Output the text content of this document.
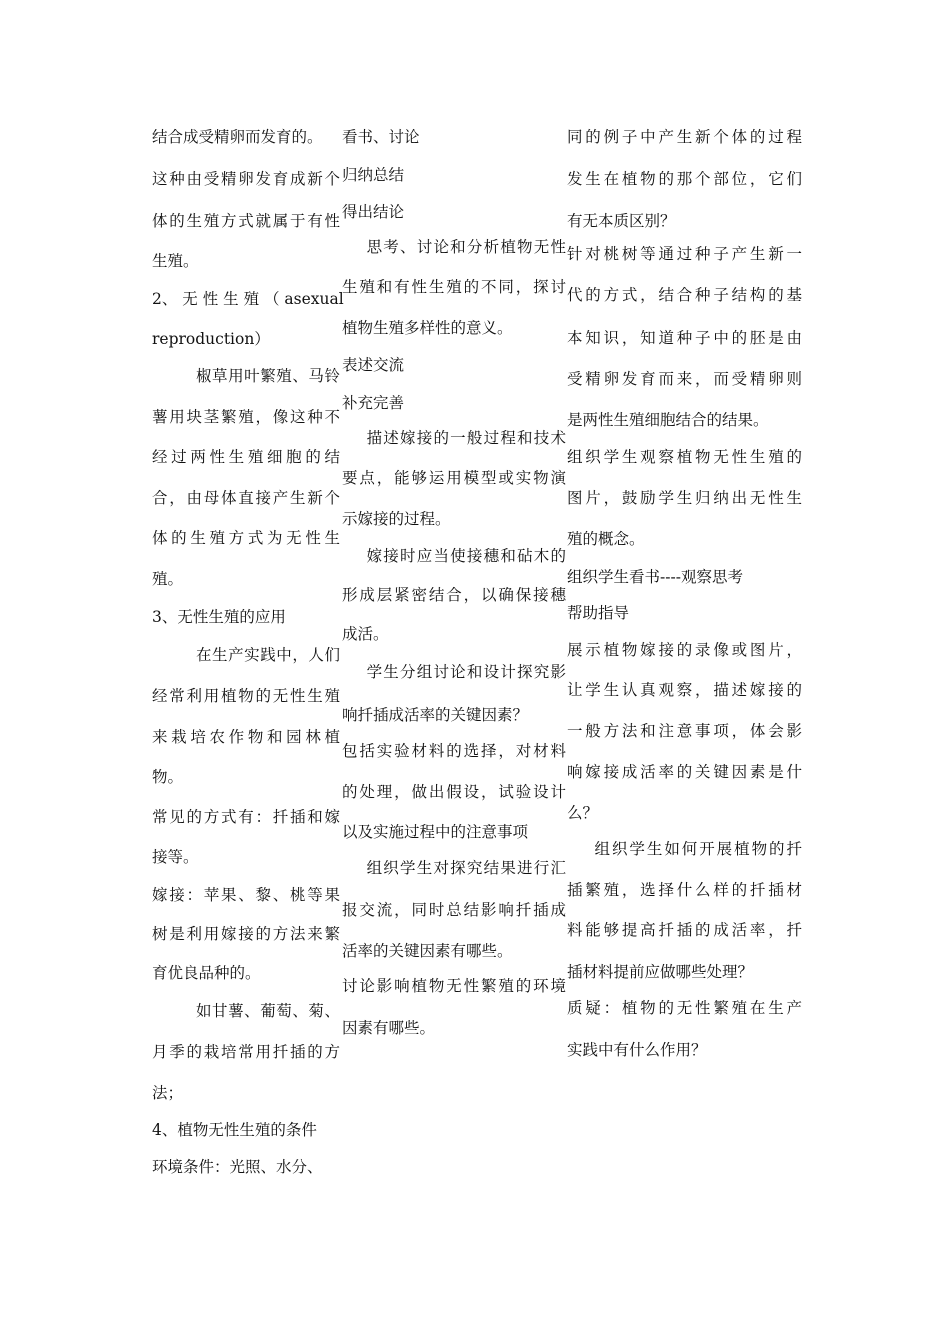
结合成受精卵而发育的。
这种由受精卵发育成新个
体的生殖方式就属于有性
生殖。
2、 无 性 生 殖 （ asexual
reproduction）
椒草用叶繁殖、马铃
薯用块茎繁殖，像这种不
经过两性生殖细胞的结
合，由母体直接产生新个
体的生殖方式为无性生
殖。
3、无性生殖的应用
在生产实践中，人们
经常利用植物的无性生殖
来栽培农作物和园林植
物。
常见的方式有：扦插和嫁
接等。
嫁接：苹果、黎、桃等果
树是利用嫁接的方法来繁
育优良品种的。
如甘薯、葡萄、菊、
月季的栽培常用扦插的方
法；
4、植物无性生殖的条件
环境条件：光照、水分、
看书、讨论
归纳总结
得出结论
思考、讨论和分析植物无性
生殖和有性生殖的不同，探讨
植物生殖多样性的意义。
表述交流
补充完善
描述嫁接的一般过程和技术
要点，能够运用模型或实物演
示嫁接的过程。
嫁接时应当使接穗和砧木的
形成层紧密结合，以确保接穗
成活。
学生分组讨论和设计探究影
响扦插成活率的关键因素？
包括实验材料的选择，对材料
的处理，做出假设，试验设计
以及实施过程中的注意事项
组织学生对探究结果进行汇
报交流，同时总结影响扦插成
活率的关键因素有哪些。
讨论影响植物无性繁殖的环境
因素有哪些。
同的例子中产生新个体的过程
发生在植物的那个部位，它们
有无本质区别？
针对桃树等通过种子产生新一
代的方式，结合种子结构的基
本知识，知道种子中的胚是由
受精卵发育而来，而受精卵则
是两性生殖细胞结合的结果。
组织学生观察植物无性生殖的
图片，鼓励学生归纳出无性生
殖的概念。
组织学生看书----观察思考
帮助指导
展示植物嫁接的录像或图片，
让学生认真观察，描述嫁接的
一般方法和注意事项，体会影
响嫁接成活率的关键因素是什
么？
组织学生如何开展植物的扦
插繁殖，选择什么样的扦插材
料能够提高扦插的成活率，扦
插材料提前应做哪些处理？
质疑：植物的无性繁殖在生产
实践中有什么作用？
